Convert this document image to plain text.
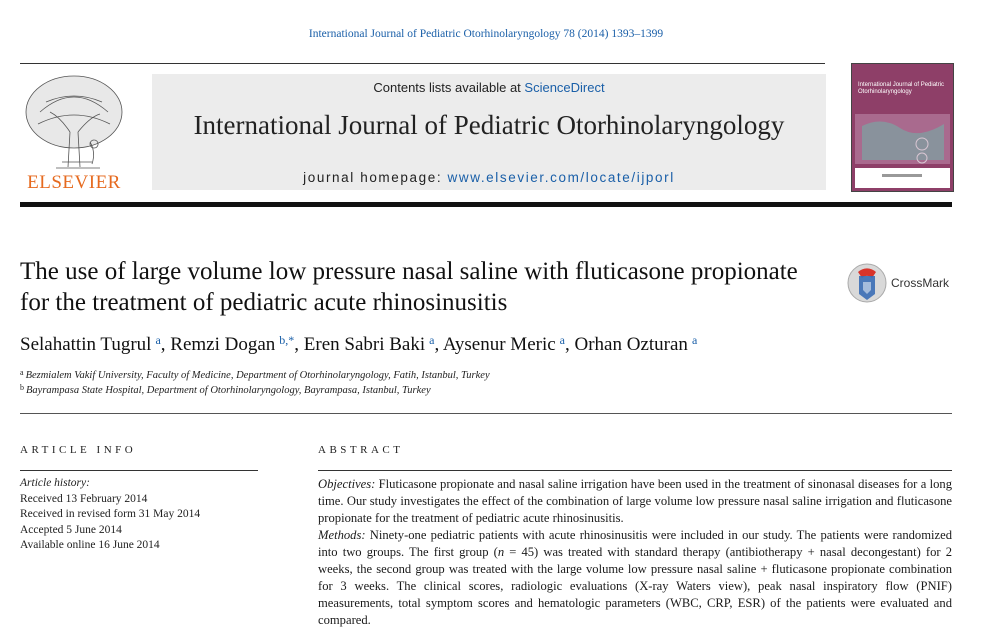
International Journal of Pediatric Otorhinolaryngology 78 (2014) 1393–1399
ELSEVIER
Contents lists available at ScienceDirect
International Journal of Pediatric Otorhinolaryngology
journal homepage: www.elsevier.com/locate/ijporl
International Journal of Pediatric Otorhinolaryngology
The use of large volume low pressure nasal saline with fluticasone propionate for the treatment of pediatric acute rhinosinusitis
CrossMark
Selahattin Tugrul $^a$, Remzi Dogan $^{b,*}$, Eren Sabri Baki $^a$, Aysenur Meric $^a$, Orhan Ozturan $^a$
$^a$ Bezmialem Vakif University, Faculty of Medicine, Department of Otorhinolaryngology, Fatih, Istanbul, Turkey
$^b$ Bayrampasa State Hospital, Department of Otorhinolaryngology, Bayrampasa, Istanbul, Turkey
ARTICLE INFO
Article history:
Received 13 February 2014
Received in revised form 31 May 2014
Accepted 5 June 2014
Available online 16 June 2014
ABSTRACT

Objectives: Fluticasone propionate and nasal saline irrigation have been used in the treatment of sinonasal diseases for a long time. Our study investigates the effect of the combination of large volume low pressure nasal saline irrigation and fluticasone propionate for the treatment of pediatric acute rhinosinusitis.

Methods: Ninety-one pediatric patients with acute rhinosinusitis were included in our study. The patients were randomized into two groups. The first group (n = 45) was treated with standard therapy (antibiotherapy + nasal decongestant) for 2 weeks, the second group was treated with the large volume low pressure nasal saline + fluticasone propionate combination for 3 weeks. The clinical scores, radiologic evaluations (X-ray Waters view), peak nasal inspiratory flow (PNIF) measurements, total symptom scores and hematologic parameters (WBC, CRP, ESR) of the patients were evaluated and compared.
